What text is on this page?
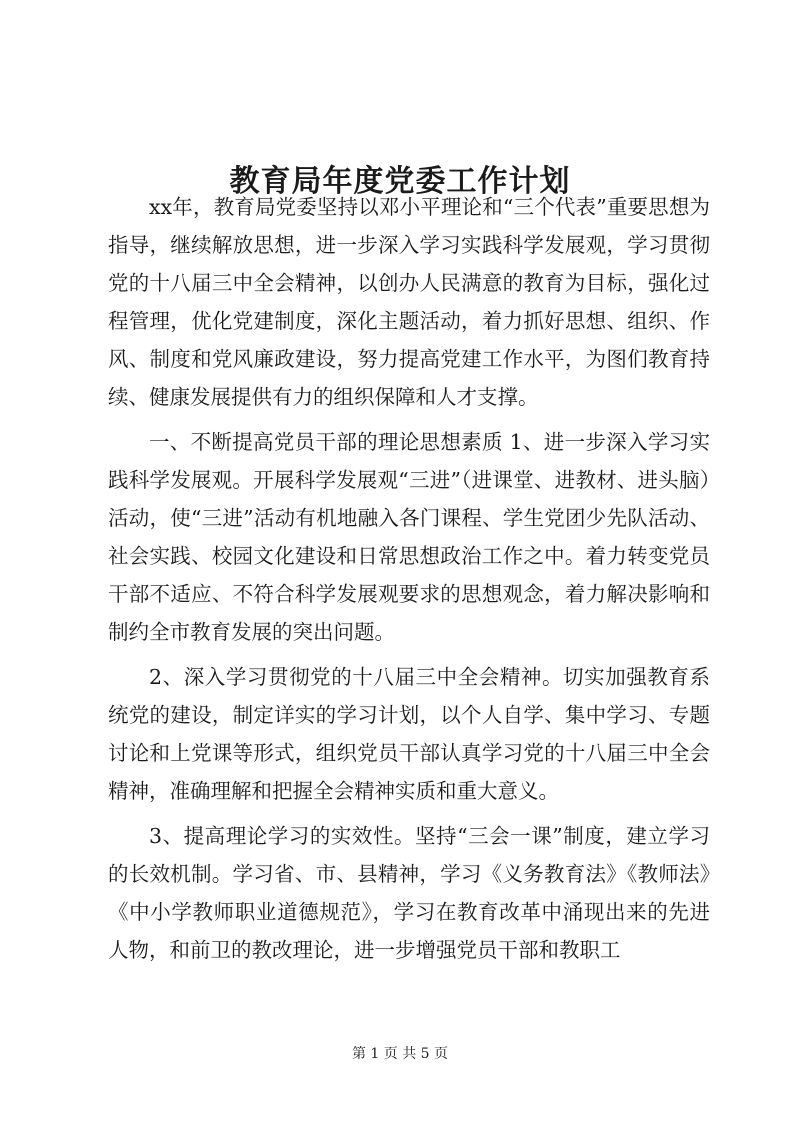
教育局年度党委工作计划

xx年，教育局党委坚持以邓小平理论和“三个代表”重要思想为指导，继续解放思想，进一步深入学习实践科学发展观，学习贯彻党的十八届三中全会精神，以创办人民满意的教育为目标，强化过程管理，优化党建制度，深化主题活动，着力抓好思想、组织、作风、制度和党风廉政建设，努力提高党建工作水平，为图们教育持续、健康发展提供有力的组织保障和人才支撑。

一、不断提高党员干部的理论思想素质 1、进一步深入学习实践科学发展观。开展科学发展观“三进”（进课堂、进教材、进头脑）活动，使“三进”活动有机地融入各门课程、学生党团少先队活动、社会实践、校园文化建设和日常思想政治工作之中。着力转变党员干部不适应、不符合科学发展观要求的思想观念，着力解决影响和制约全市教育发展的突出问题。

2、深入学习贯彻党的十八届三中全会精神。切实加强教育系统党的建设，制定详实的学习计划，以个人自学、集中学习、专题讨论和上党课等形式，组织党员干部认真学习党的十八届三中全会精神，准确理解和把握全会精神实质和重大意义。

3、提高理论学习的实效性。坚持“三会一课”制度，建立学习的长效机制。学习省、市、县精神，学习《义务教育法》《教师法》《中小学教师职业道德规范》，学习在教育改革中涌现出来的先进人物，和前卫的教改理论，进一步增强党员干部和教职工

第 1 页 共 5 页
